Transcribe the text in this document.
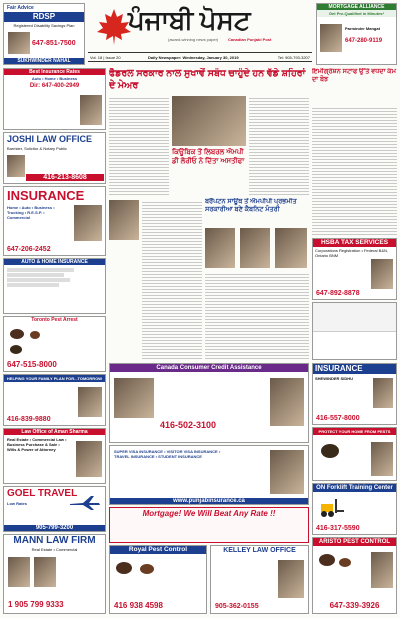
Fair Advice
RDSP
Registered Disability Savings Plan
647-851-7500
SUKHWINDER NAHAL
ਪੰਜਾਬੀ ਪੋਸਟ
(award-winning news paper) Canadian Punjabi Post
MORTGAGE ALLIANCE
Get Pre-Qualified in Minutes*
Parminder Mangat
647-280-9119
Vol. 18 | Issue 20	Daily Newspaper: Wednesday, January 30, 2019	Tel: 905-793-3207
Best Insurance Rates
Auto • Home • Business
Dir: 647-400-2949
JOSHI LAW OFFICE
Barrister, Solicitor & Notary Public
416-213-8608
INSURANCE
Home • Auto • Business • Trucking • R.E.S.P. • Commercial
647-206-2452
AUTO & HOME INSURANCE
Toronto Pest Arrest
647-515-8000
HELPING YOUR FAMILY PLAN FOR...TOMORROW
416-839-9880
Law Office of Aman Sharma
Real Estate • Commercial Law • Business Purchase & Sale • Wills & Power of Attorney
GOEL TRAVEL
Low Rates
905-799-3200
MANN LAW FIRM
Real Estate • Commercial
1 905 799 9333
ਫੈਡਰਲ ਸਰਕਾਰ ਨਾਲ ਸੁਖਾਵੇਂ ਸਬੰਧ ਚਾਹੁੰਦੇ ਹਨ ਵੱਡੇ ਸ਼ਹਿਰਾਂ ਦੇ ਮੇਅਰ
ਕਿਊਬਿਕ ਤੋਂ ਲਿਬਰਲ ਐਮਪੀ ਡੀ ਲੋਰੀਓ ਨੇ ਦਿੱਤਾ ਅਸਤੀਫਾ
ਬਰੈਂਪਟਨ ਸਾਊਥ ਤੋਂ ਐਮਪੀਪੀ ਪ੍ਰਭਮੀਤ ਸਰਕਾਰੀਆ ਬਣੇ ਕੈਬਨਿਟ ਮੰਤਰੀ
ਇਮੀਗ੍ਰੇਸ਼ਨ ਸਟਾਫ ਉੱਤੇ ਵਧਦਾ ਕੰਮ ਦਾ ਬੋਝ
HSBA TAX SERVICES
Corporations Registration • Federal B&N, Ontario BNM
647-892-8878
Canada Consumer Credit Assistance
416-502-3100
SUPER VISA INSURANCE • VISITOR VISA INSURANCE • TRAVEL INSURANCE • STUDENT INSURANCE
www.punjabinsurance.ca
Mortgage! We Will Beat Any Rate !!
Royal Pest Control
416 938 4598
KELLEY LAW OFFICE
905-362-0155
INSURANCE
SHEWINDER SIDHU
416-557-8000
PROTECT YOUR HOME FROM PESTS
ON Forklift Training Center
416-317-5590
ARISTO PEST CONTROL
647-339-3926
